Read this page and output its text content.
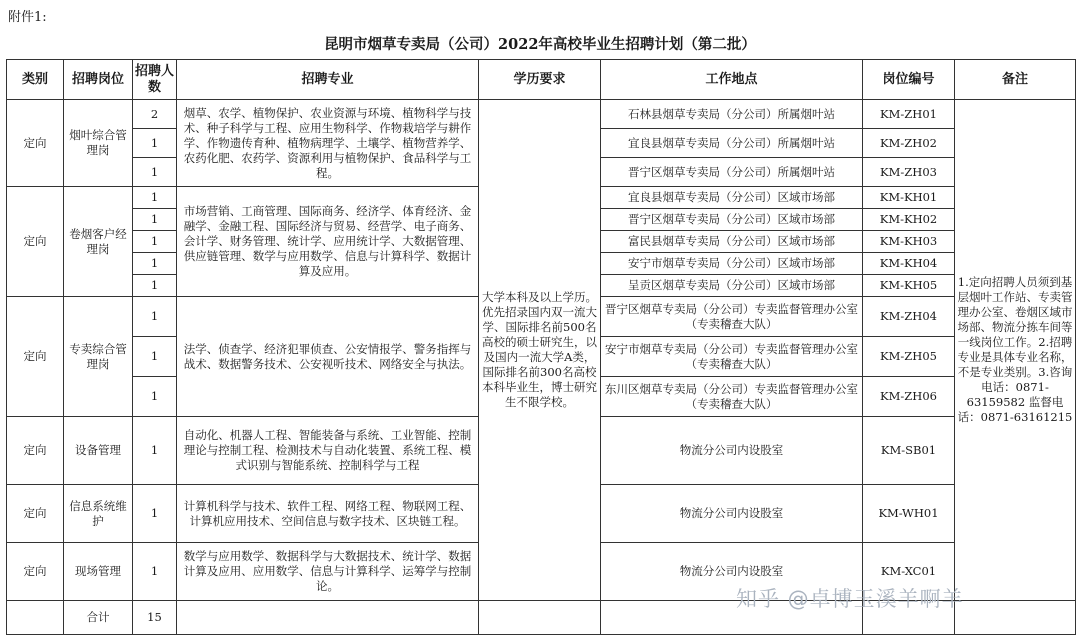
附件1:
昆明市烟草专卖局（公司）2022年高校毕业生招聘计划（第二批）
类别	招聘岗位	招聘人数	招聘专业	学历要求	工作地点	岗位编号	备注
定向	烟叶综合管理岗	2	烟草、农学、植物保护、农业资源与环境、植物科学与技术、种子科学与工程、应用生物科学、作物栽培学与耕作学、作物遗传育种、植物病理学、土壤学、植物营养学、农药化肥、农药学、资源利用与植物保护、食品科学与工程。	大学本科及以上学历。优先招录国内双一流大学、国际排名前500名高校的硕士研究生，以及国内一流大学A类，国际排名前300名高校本科毕业生，博士研究生不限学校。	石林县烟草专卖局（分公司）所属烟叶站	KM-ZH01	1.定向招聘人员须到基层烟叶工作站、专卖管理办公室、卷烟区域市场部、物流分拣车间等一线岗位工作。2.招聘专业是具体专业名称，不是专业类别。3.咨询电话：0871-63159582 监督电话：0871-63161215
		1			宜良县烟草专卖局（分公司）所属烟叶站	KM-ZH02	
		1			晋宁区烟草专卖局（分公司）所属烟叶站	KM-ZH03	
定向	卷烟客户经理岗	1	市场营销、工商管理、国际商务、经济学、体育经济、金融学、金融工程、国际经济与贸易、经营学、电子商务、会计学、财务管理、统计学、应用统计学、大数据管理、供应链管理、数学与应用数学、信息与计算科学、数据计算及应用。		宜良县烟草专卖局（分公司）区域市场部	KM-KH01	
		1			晋宁区烟草专卖局（分公司）区域市场部	KM-KH02	
		1			富民县烟草专卖局（分公司）区域市场部	KM-KH03	
		1			安宁市烟草专卖局（分公司）区域市场部	KM-KH04	
		1			呈贡区烟草专卖局（分公司）区域市场部	KM-KH05	
定向	专卖综合管理岗	1	法学、侦查学、经济犯罪侦查、公安情报学、警务指挥与战术、数据警务技术、公安视听技术、网络安全与执法。		晋宁区烟草专卖局（分公司）专卖监督管理办公室（专卖稽查大队）	KM-ZH04	
		1			安宁市烟草专卖局（分公司）专卖监督管理办公室（专卖稽查大队）	KM-ZH05	
		1			东川区烟草专卖局（分公司）专卖监督管理办公室（专卖稽查大队）	KM-ZH06	
定向	设备管理	1	自动化、机器人工程、智能装备与系统、工业智能、控制理论与控制工程、检测技术与自动化装置、系统工程、模式识别与智能系统、控制科学与工程		物流分公司内设股室	KM-SB01	
定向	信息系统维护	1	计算机科学与技术、软件工程、网络工程、物联网工程、计算机应用技术、空间信息与数字技术、区块链工程。		物流分公司内设股室	KM-WH01	
定向	现场管理	1	数学与应用数学、数据科学与大数据技术、统计学、数据计算及应用、应用数学、信息与计算科学、运筹学与控制论。		物流分公司内设股室	KM-XC01	
	合计	15					
知乎 @卓博玉溪羊啊羊
